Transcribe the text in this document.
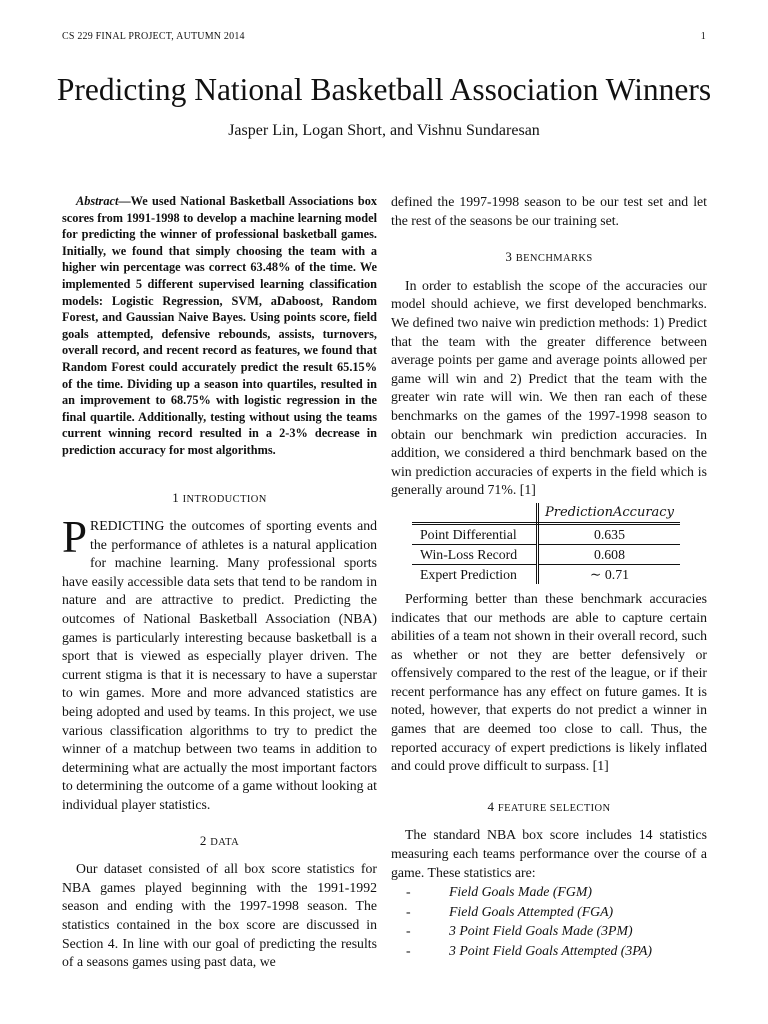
CS 229 FINAL PROJECT, AUTUMN 2014	1
Predicting National Basketball Association Winners
Jasper Lin, Logan Short, and Vishnu Sundaresan

Abstract—We used National Basketball Associations box scores from 1991-1998 to develop a machine learning model for predicting the winner of professional basketball games. Initially, we found that simply choosing the team with a higher win percentage was correct 63.48% of the time. We implemented 5 different supervised learning classification models: Logistic Regression, SVM, aDaboost, Random Forest, and Gaussian Naive Bayes. Using points score, field goals attempted, defensive rebounds, assists, turnovers, overall record, and recent record as features, we found that Random Forest could accurately predict the result 65.15% of the time. Dividing up a season into quartiles, resulted in an improvement to 68.75% with logistic regression in the final quartile. Additionally, testing without using the teams current winning record resulted in a 2-3% decrease in prediction accuracy for most algorithms.

1 INTRODUCTION

PREDICTING the outcomes of sporting events and the performance of athletes is a natural application for machine learning. Many professional sports have easily accessible data sets that tend to be random in nature and are attractive to predict. Predicting the outcomes of National Basketball Association (NBA) games is particularly interesting because basketball is a sport that is viewed as especially player driven. The current stigma is that it is necessary to have a superstar to win games. More and more advanced statistics are being adopted and used by teams. In this project, we use various classification algorithms to try to predict the winner of a matchup between two teams in addition to determining what are actually the most important factors to determining the outcome of a game without looking at individual player statistics.

2 DATA

Our dataset consisted of all box score statistics for NBA games played beginning with the 1991-1992 season and ending with the 1997-1998 season. The statistics contained in the box score are discussed in Section 4. In line with our goal of predicting the results of a seasons games using past data, we

defined the 1997-1998 season to be our test set and let the rest of the seasons be our training set.

3 BENCHMARKS

In order to establish the scope of the accuracies our model should achieve, we first developed benchmarks. We defined two naive win prediction methods: 1) Predict that the team with the greater difference between average points per game and average points allowed per game will win and 2) Predict that the team with the greater win rate will win. We then ran each of these benchmarks on the games of the 1997-1998 season to obtain our benchmark win prediction accuracies. In addition, we considered a third benchmark based on the win prediction accuracies of experts in the field which is generally around 71%. [1]

	PredictionAccuracy
Point Differential	0.635
Win-Loss Record	0.608
Expert Prediction	∼ 0.71

Performing better than these benchmark accuracies indicates that our methods are able to capture certain abilities of a team not shown in their overall record, such as whether or not they are better defensively or offensively compared to the rest of the league, or if their recent performance has any effect on future games. It is noted, however, that experts do not predict a winner in games that are deemed too close to call. Thus, the reported accuracy of expert predictions is likely inflated and could prove difficult to surpass. [1]

4 FEATURE SELECTION

The standard NBA box score includes 14 statistics measuring each teams performance over the course of a game. These statistics are:

-	Field Goals Made (FGM)
-	Field Goals Attempted (FGA)
-	3 Point Field Goals Made (3PM)
-	3 Point Field Goals Attempted (3PA)
